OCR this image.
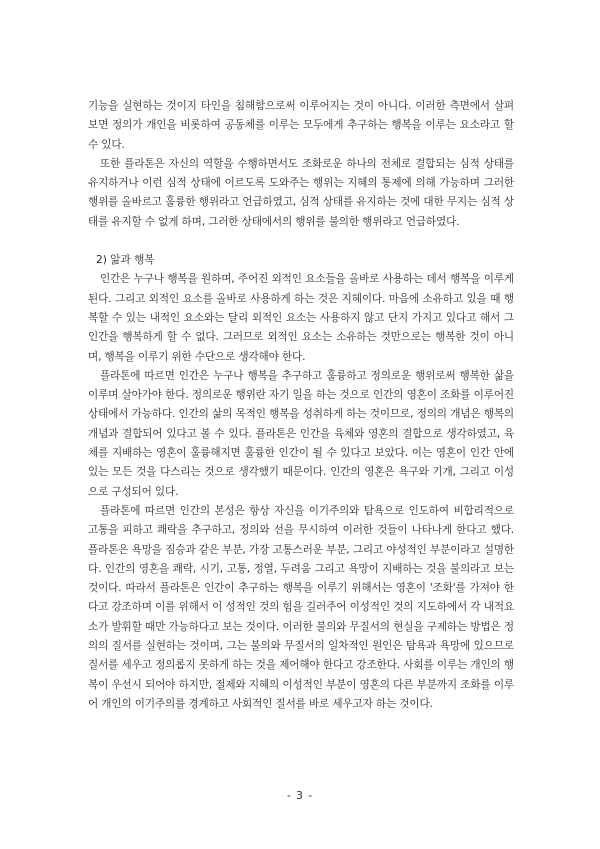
기능을 실현하는 것이지 타인을 침해함으로써 이루어지는 것이 아니다. 이러한 측면에서 살펴보면 정의가 개인을 비롯하여 공동체를 이루는 모두에게 추구하는 행복을 이루는 요소라고 할 수 있다.

또한 플라톤은 자신의 역할을 수행하면서도 조화로운 하나의 전체로 결합되는 심적 상태를 유지하거나 이런 심적 상태에 이르도록 도와주는 행위는 지혜의 통제에 의해 가능하며 그러한 행위를 올바르고 훌륭한 행위라고 언급하였고, 심적 상태를 유지하는 것에 대한 무지는 심적 상태를 유지할 수 없게 하며, 그러한 상태에서의 행위를 불의한 행위라고 언급하였다.

2) 앎과 행복

인간은 누구나 행복을 원하며, 주어진 외적인 요소들을 올바로 사용하는 데서 행복을 이루게 된다. 그리고 외적인 요소를 올바로 사용하게 하는 것은 지혜이다. 마음에 소유하고 있을 때 행복할 수 있는 내적인 요소와는 달리 외적인 요소는 사용하지 않고 단지 가지고 있다고 해서 그 인간을 행복하게 할 수 없다. 그러므로 외적인 요소는 소유하는 것만으로는 행복한 것이 아니며, 행복을 이루기 위한 수단으로 생각해야 한다.

플라톤에 따르면 인간은 누구나 행복을 추구하고 훌륭하고 정의로운 행위로써 행복한 삶을 이루며 살아가야 한다. 정의로운 행위란 자기 일을 하는 것으로 인간의 영혼이 조화를 이루어진 상태에서 가능하다. 인간의 삶의 목적인 행복을 성취하게 하는 것이므로, 정의의 개념은 행복의 개념과 결합되어 있다고 볼 수 있다. 플라톤은 인간을 육체와 영혼의 결합으로 생각하였고, 육체를 지배하는 영혼이 훌륭해지면 훌륭한 인간이 될 수 있다고 보았다. 이는 영혼이 인간 안에 있는 모든 것을 다스리는 것으로 생각했기 때문이다. 인간의 영혼은 욕구와 기개, 그리고 이성으로 구성되어 있다.

플라톤에 따르면 인간의 본성은 항상 자신을 이기주의와 탐욕으로 인도하여 비합리적으로 고통을 피하고 쾌락을 추구하고, 정의와 선을 무시하여 이러한 것들이 나타나게 한다고 했다. 플라톤은 욕망을 짐승과 같은 부분, 가장 고통스러운 부분, 그리고 야성적인 부분이라고 설명한다. 인간의 영혼을 쾌락, 시기, 고통, 정열, 두려움 그리고 욕망이 지배하는 것을 불의라고 보는 것이다. 따라서 플라톤은 인간이 추구하는 행복을 이루기 위해서는 영혼이 '조화'를 가져야 한다고 강조하며 이를 위해서 이 성적인 것의 힘을 길러주어 이성적인 것의 지도하에서 각 내적요소가 발휘할 때만 가능하다고 보는 것이다. 이러한 불의와 무질서의 현실을 구제하는 방법은 정의의 질서를 실현하는 것이며, 그는 불의와 무질서의 일차적인 원인은 탐욕과 욕망에 있으므로 질서를 세우고 정의롭지 못하게 하는 것을 제어해야 한다고 강조한다. 사회를 이루는 개인의 행복이 우선시 되어야 하지만, 절제와 지혜의 이성적인 부분이 영혼의 다른 부분까지 조화를 이루어 개인의 이기주의를 경계하고 사회적인 질서를 바로 세우고자 하는 것이다.

- 3 -
